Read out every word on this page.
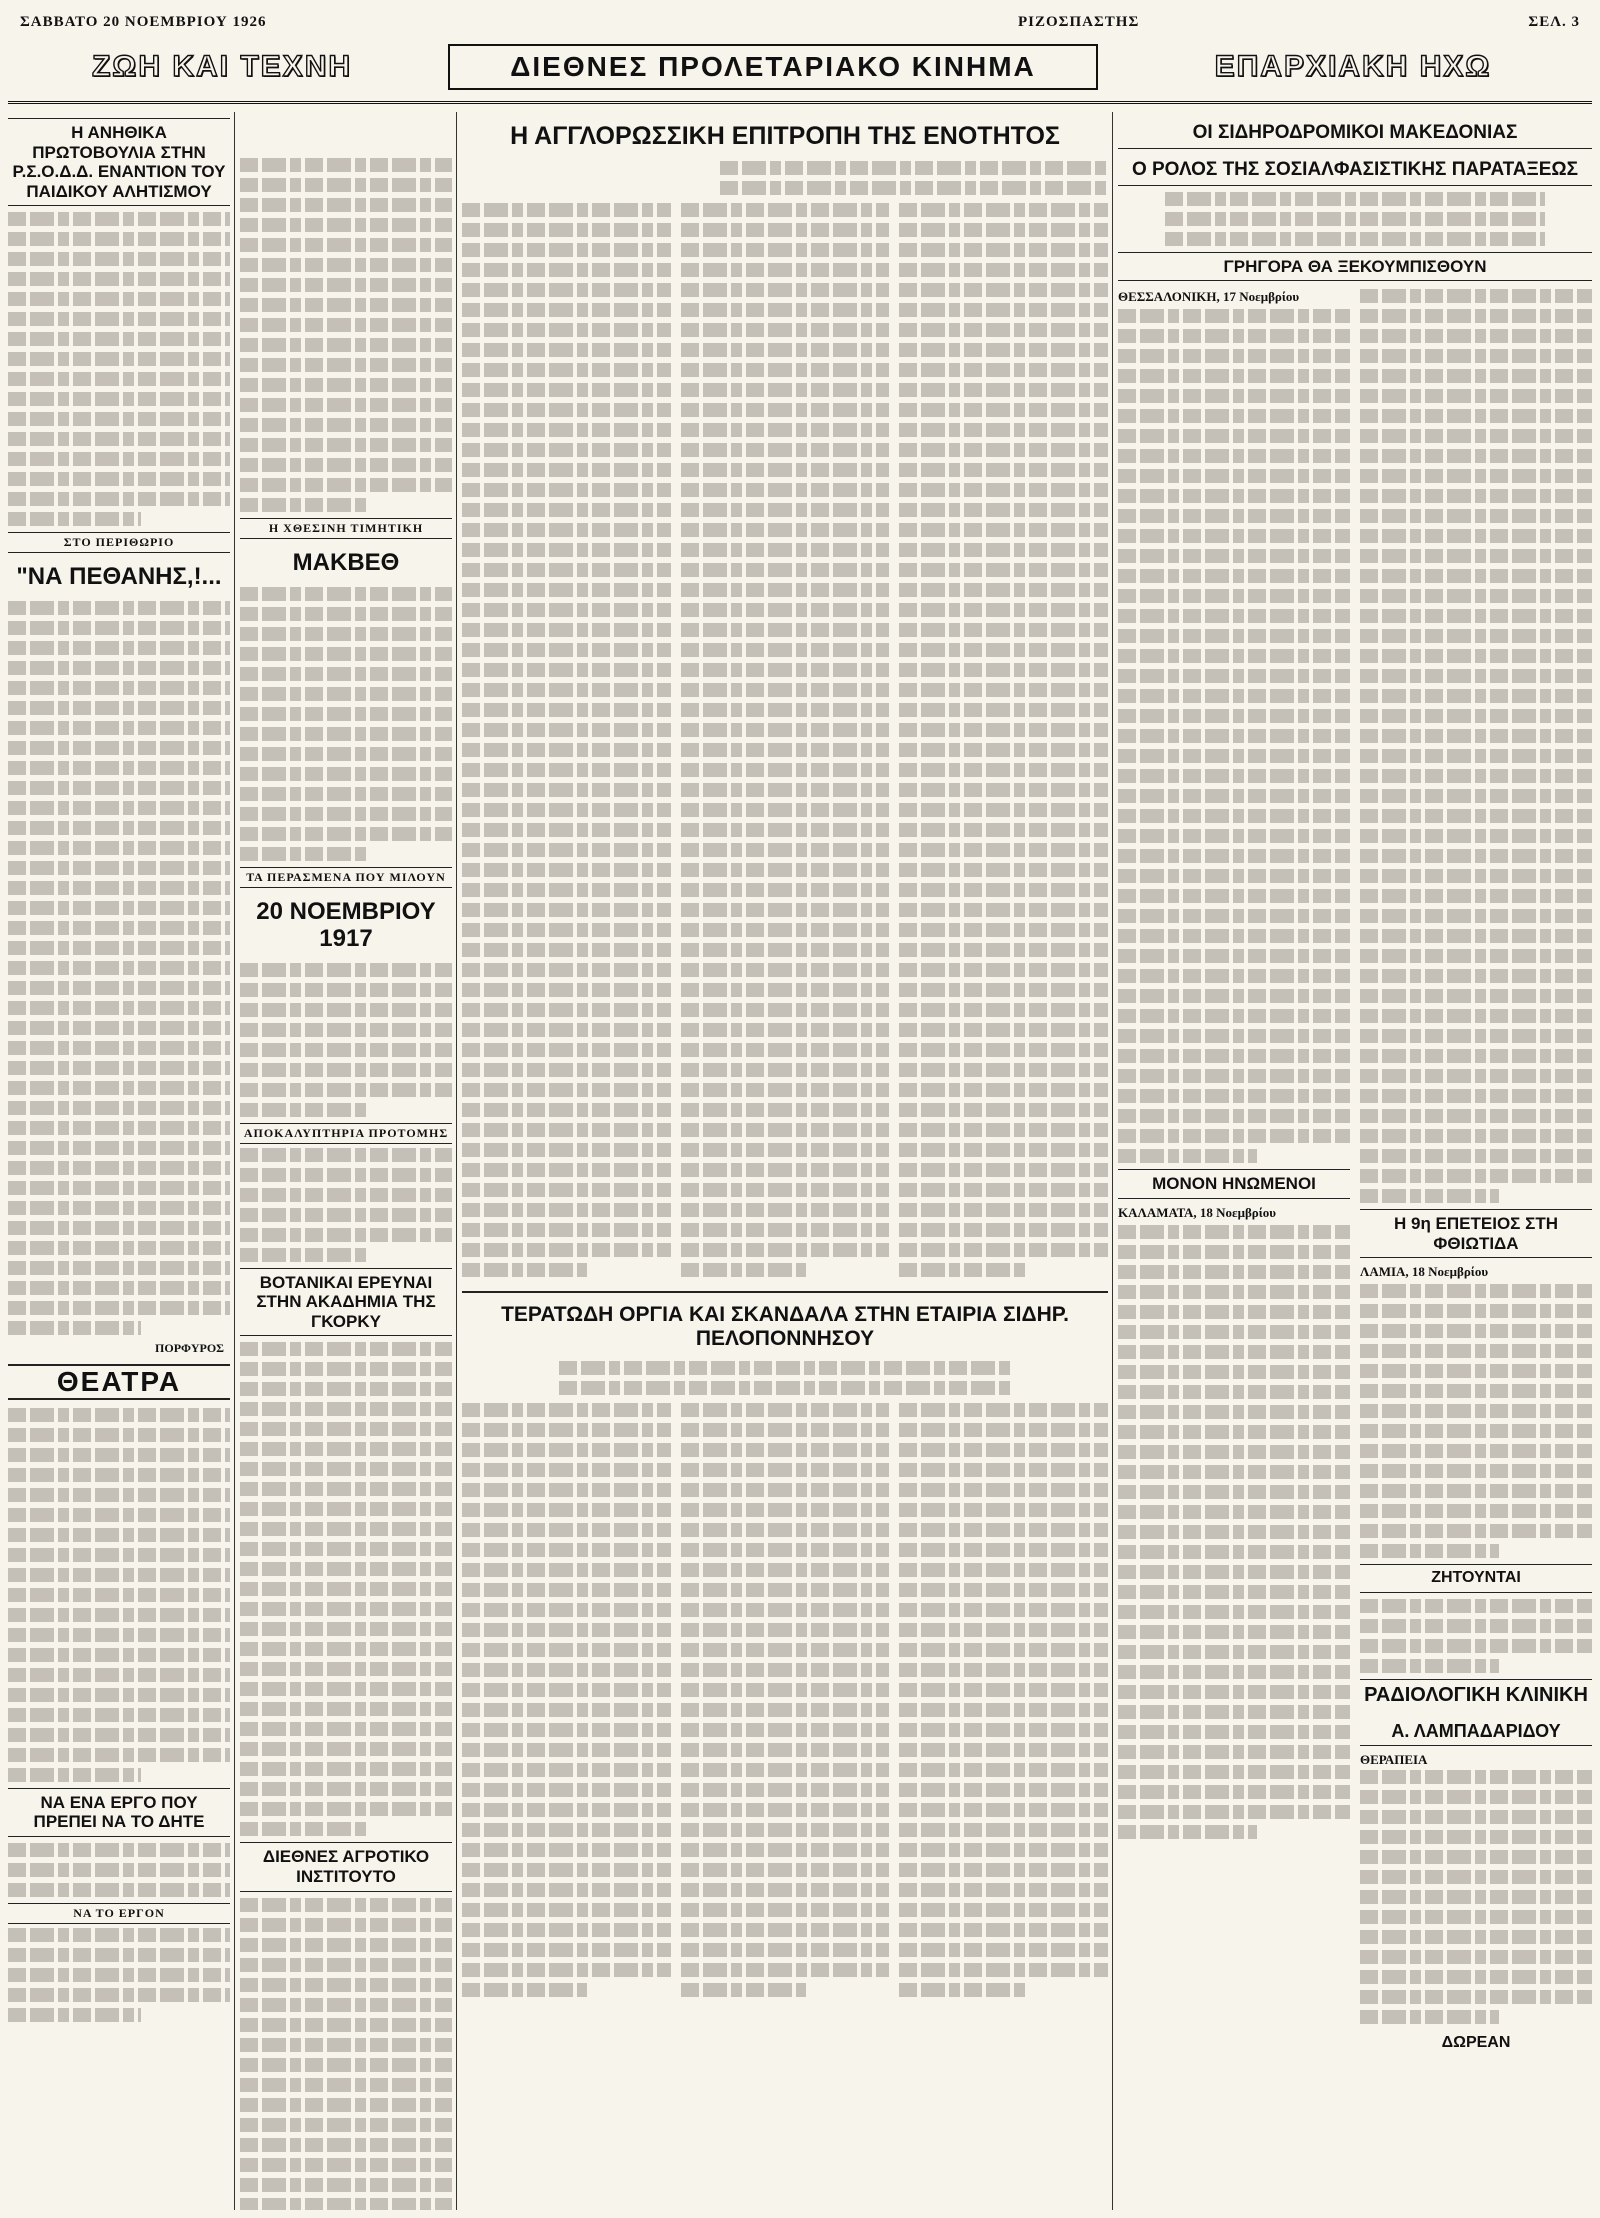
ΣΑΒΒΑΤΟ 20 ΝΟΕΜΒΡΙΟΥ 1926	ΡΙΖΟΣΠΑΣΤΗΣ	ΣΕΛ. 3
ΖΩΗ ΚΑΙ ΤΕΧΝΗ	ΔΙΕΘΝΕΣ ΠΡΟΛΕΤΑΡΙΑΚΟ ΚΙΝΗΜΑ	ΕΠΑΡΧΙΑΚΗ ΗΧΩ
Η ΑΝΗΘΙΚΑ ΠΡΩΤΟΒΟΥΛΙΑ ΣΤΗΝ Ρ.Σ.Ο.Δ.Δ. ΕΝΑΝΤΙΟΝ ΤΟΥ ΠΑΙΔΙΚΟΥ ΑΛΗΤΙΣΜΟΥ
ΣΤΟ ΠΕΡΙΘΩΡΙΟ
"ΝΑ ΠΕΘΑΝΗΣ,!...
ΠΟΡΦΥΡΟΣ
ΘΕΑΤΡΑ
ΝΑ ΕΝΑ ΕΡΓΟ ΠΟΥ ΠΡΕΠΕΙ ΝΑ ΤΟ ΔΗΤΕ
ΝΑ ΤΟ ΕΡΓΟΝ
Η ΧΘΕΣΙΝΗ ΤΙΜΗΤΙΚΗ
ΜΑΚΒΕΘ
ΤΑ ΠΕΡΑΣΜΕΝΑ ΠΟΥ ΜΙΛΟΥΝ
20 ΝΟΕΜΒΡΙΟΥ 1917
ΑΠΟΚΑΛΥΠΤΗΡΙΑ ΠΡΟΤΟΜΗΣ
ΒΟΤΑΝΙΚΑΙ ΕΡΕΥΝΑΙ ΣΤΗΝ ΑΚΑΔΗΜΙΑ ΤΗΣ ΓΚΟΡΚΥ
ΔΙΕΘΝΕΣ ΑΓΡΟΤΙΚΟ ΙΝΣΤΙΤΟΥΤΟ
Η ΑΓΓΛΟΡΩΣΣΙΚΗ ΕΠΙΤΡΟΠΗ ΤΗΣ ΕΝΟΤΗΤΟΣ
ΤΕΡΑΤΩΔΗ ΟΡΓΙΑ ΚΑΙ ΣΚΑΝΔΑΛΑ ΣΤΗΝ ΕΤΑΙΡΙΑ ΣΙΔΗΡ. ΠΕΛΟΠΟΝΝΗΣΟΥ
ΟΙ ΣΙΔΗΡΟΔΡΟΜΙΚΟΙ ΜΑΚΕΔΟΝΙΑΣ
Ο ΡΟΛΟΣ ΤΗΣ ΣΟΣΙΑΛΦΑΣΙΣΤΙΚΗΣ ΠΑΡΑΤΑΞΕΩΣ
ΓΡΗΓΟΡΑ ΘΑ ΞΕΚΟΥΜΠΙΣΘΟΥΝ
ΘΕΣΣΑΛΟΝΙΚΗ, 17 Νοεμβρίου
ΜΟΝΟΝ ΗΝΩΜΕΝΟΙ
ΚΑΛΑΜΑΤΑ, 18 Νοεμβρίου
Η 9η ΕΠΕΤΕΙΟΣ ΣΤΗ ΦΘΙΩΤΙΔΑ
ΛΑΜΙΑ, 18 Νοεμβρίου
ΖΗΤΟΥΝΤΑΙ
ΡΑΔΙΟΛΟΓΙΚΗ ΚΛΙΝΙΚΗ
Α. ΛΑΜΠΑΔΑΡΙΔΟΥ
ΘΕΡΑΠΕΙΑ
ΔΩΡΕΑΝ
